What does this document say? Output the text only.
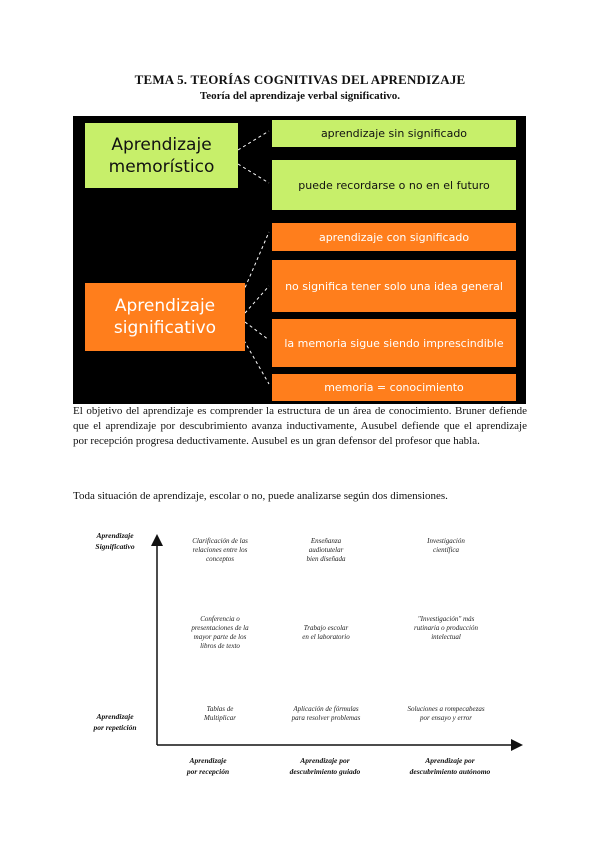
TEMA 5. TEORÍAS COGNITIVAS DEL APRENDIZAJE
Teoría del aprendizaje verbal significativo.
Aprendizaje
memorístico
aprendizaje sin significado
puede recordarse o no en el futuro
Aprendizaje
significativo
aprendizaje con significado
no significa tener solo una idea general
la memoria sigue siendo imprescindible
memoria = conocimiento

El objetivo del aprendizaje es comprender la estructura de un área de conocimiento. Bruner defiende que el aprendizaje por descubrimiento avanza inductivamente, Ausubel defiende que el aprendizaje por recepción progresa deductivamente. Ausubel es un gran defensor del profesor que habla.

Toda situación de aprendizaje, escolar o no, puede analizarse según dos dimensiones.

Aprendizaje
Significativo
Aprendizaje
por repetición
Aprendizaje
por recepción
Aprendizaje por
descubrimiento guiado
Aprendizaje por
descubrimiento autónomo
Clarificación de las
relaciones entre los
conceptos
Enseñanza
audiotutelar
bien diseñada
Investigación
científica
Conferencia o
presentaciones de la
mayor parte de los
libros de texto
Trabajo escolar
en el laboratorio
"Investigación" más
rutinaria o producción
intelectual
Tablas de
Multiplicar
Aplicación de fórmulas
para resolver problemas
Soluciones a rompecabezas
por ensayo y error
